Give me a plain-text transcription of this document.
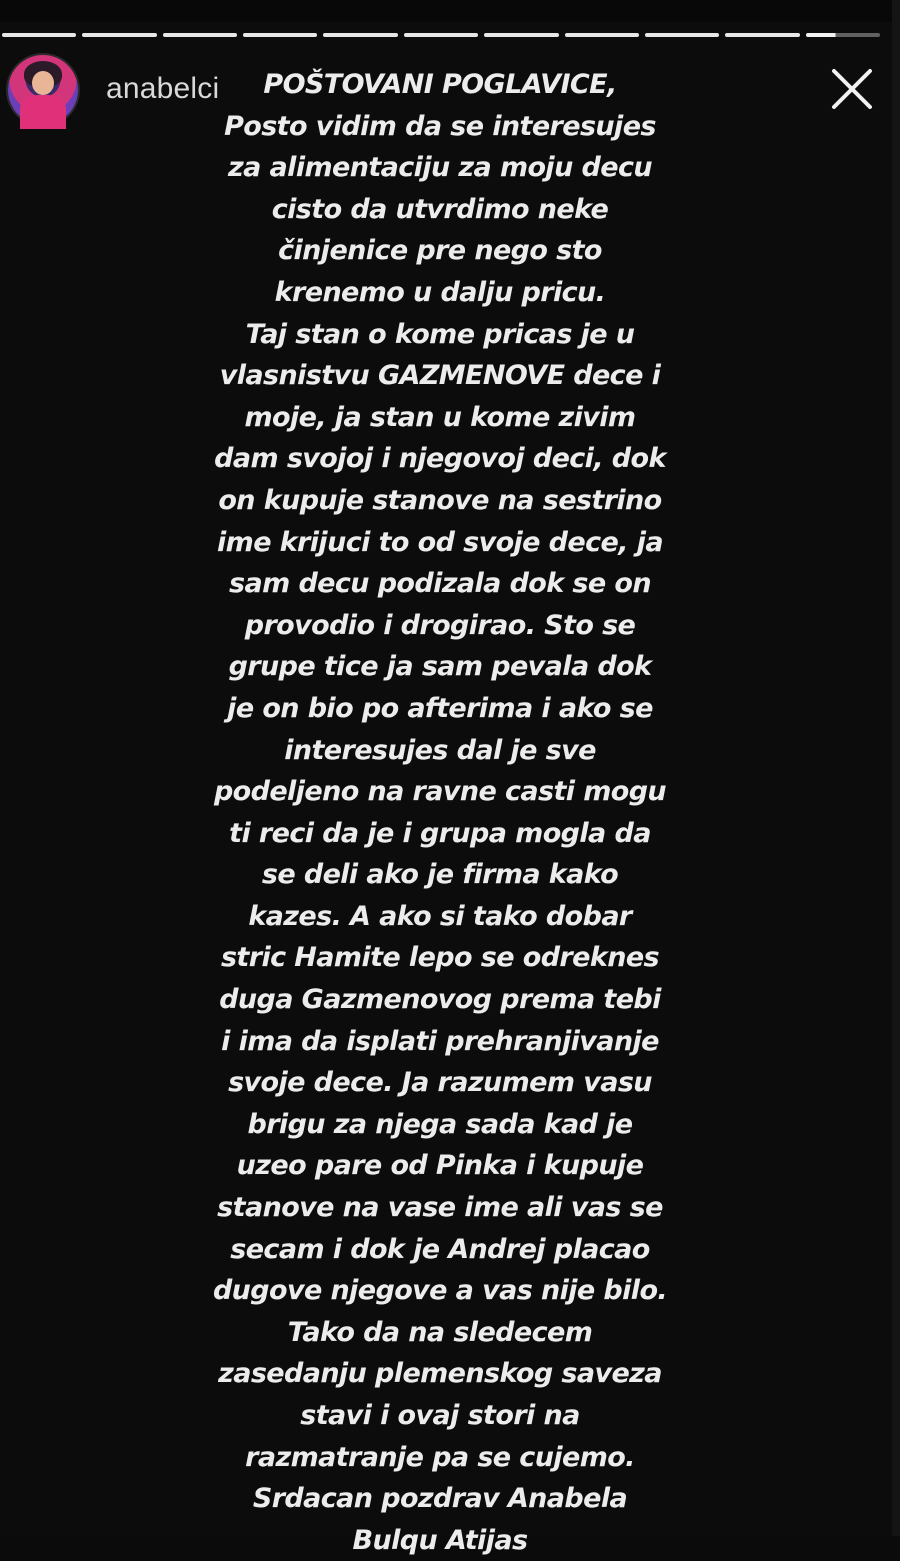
anabelci	POŠTOVANI POGLAVICE,
Posto vidim da se interesujes
za alimentaciju za moju decu
cisto da utvrdimo neke
činjenice pre nego sto
krenemo u dalju pricu.
Taj stan o kome pricas je u
vlasnistvu GAZMENOVE dece i
moje, ja stan u kome zivim
dam svojoj i njegovoj deci, dok
on kupuje stanove na sestrino
ime krijuci to od svoje dece, ja
sam decu podizala dok se on
provodio i drogirao. Sto se
grupe tice ja sam pevala dok
je on bio po afterima i ako se
interesujes dal je sve
podeljeno na ravne casti mogu
ti reci da je i grupa mogla da
se deli ako je firma kako
kazes. A ako si tako dobar
stric Hamite lepo se odreknes
duga Gazmenovog prema tebi
i ima da isplati prehranjivanje
svoje dece. Ja razumem vasu
brigu za njega sada kad je
uzeo pare od Pinka i kupuje
stanove na vase ime ali vas se
secam i dok je Andrej placao
dugove njegove a vas nije bilo.
Tako da na sledecem
zasedanju plemenskog saveza
stavi i ovaj stori na
razmatranje pa se cujemo.
Srdacan pozdrav Anabela
Bulqu Atijas
